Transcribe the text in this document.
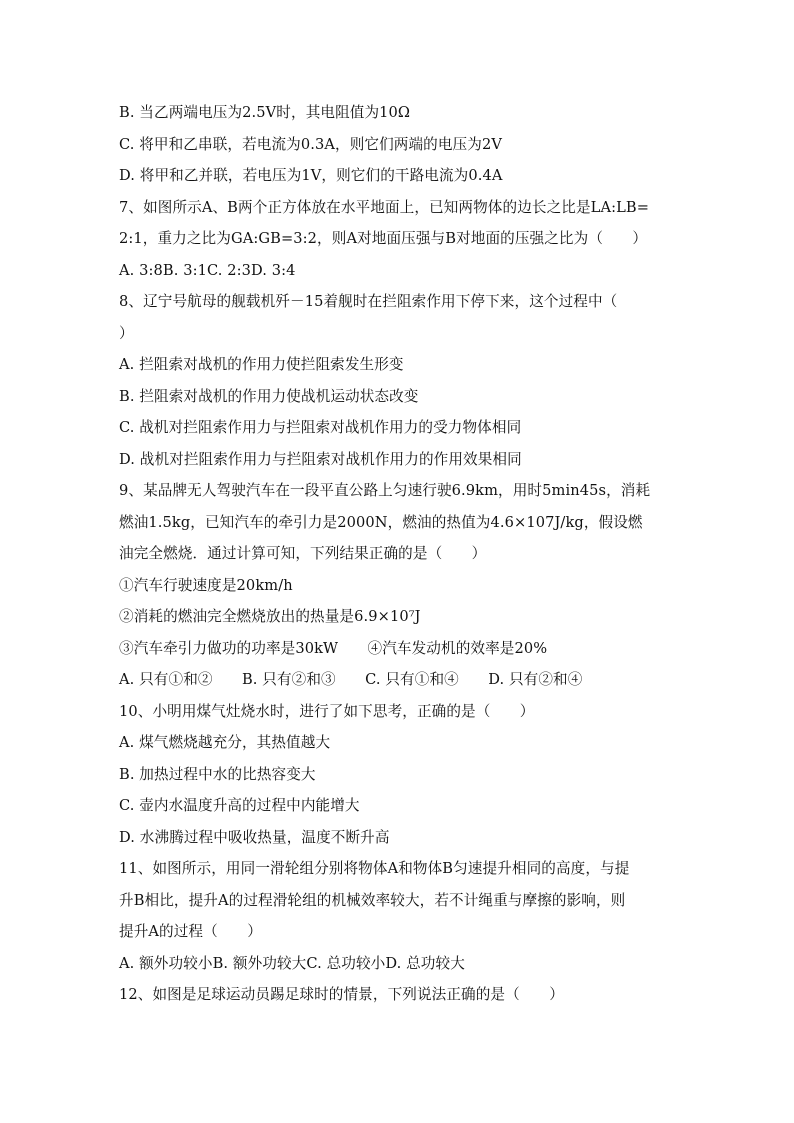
B. 当乙两端电压为2.5V时，其电阻值为10Ω
C. 将甲和乙串联，若电流为0.3A，则它们两端的电压为2V
D. 将甲和乙并联，若电压为1V，则它们的干路电流为0.4A
7、如图所示A、B两个正方体放在水平地面上，已知两物体的边长之比是LA:LB=
2:1，重力之比为GA:GB=3:2，则A对地面压强与B对地面的压强之比为（　　）
A. 3:8B. 3:1C. 2:3D. 3:4
8、辽宁号航母的舰载机歼－15着舰时在拦阻索作用下停下来，这个过程中（
）
A. 拦阻索对战机的作用力使拦阻索发生形变
B. 拦阻索对战机的作用力使战机运动状态改变
C. 战机对拦阻索作用力与拦阻索对战机作用力的受力物体相同
D. 战机对拦阻索作用力与拦阻索对战机作用力的作用效果相同
9、某品牌无人驾驶汽车在一段平直公路上匀速行驶6.9km，用时5min45s，消耗
燃油1.5kg，已知汽车的牵引力是2000N，燃油的热值为4.6×107J/kg，假设燃
油完全燃烧．通过计算可知，下列结果正确的是（　　）
①汽车行驶速度是20km/h
②消耗的燃油完全燃烧放出的热量是6.9×10⁷J
③汽车牵引力做功的功率是30kW　　④汽车发动机的效率是20%
A. 只有①和②　　B. 只有②和③　　C. 只有①和④　　D. 只有②和④
10、小明用煤气灶烧水时，进行了如下思考，正确的是（　　）
A. 煤气燃烧越充分，其热值越大
B. 加热过程中水的比热容变大
C. 壶内水温度升高的过程中内能增大
D. 水沸腾过程中吸收热量，温度不断升高
11、如图所示，用同一滑轮组分别将物体A和物体B匀速提升相同的高度，与提
升B相比，提升A的过程滑轮组的机械效率较大，若不计绳重与摩擦的影响，则
提升A的过程（　　）
A. 额外功较小B. 额外功较大C. 总功较小D. 总功较大
12、如图是足球运动员踢足球时的情景，下列说法正确的是（　　）
